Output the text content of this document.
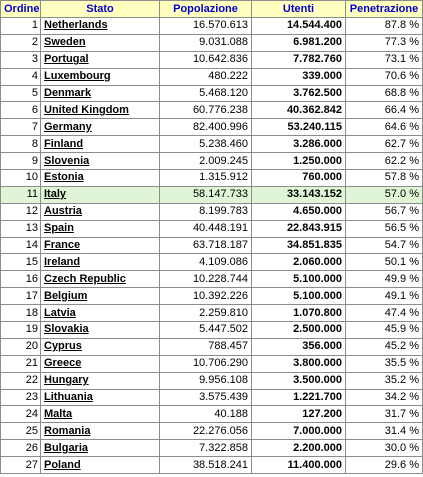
Ordine	Stato	Popolazione	Utenti	Penetrazione
1	Netherlands	16.570.613	14.544.400	87.8 %
2	Sweden	9.031.088	6.981.200	77.3 %
3	Portugal	10.642.836	7.782.760	73.1 %
4	Luxembourg	480.222	339.000	70.6 %
5	Denmark	5.468.120	3.762.500	68.8 %
6	United Kingdom	60.776.238	40.362.842	66.4 %
7	Germany	82.400.996	53.240.115	64.6 %
8	Finland	5.238.460	3.286.000	62.7 %
9	Slovenia	2.009.245	1.250.000	62.2 %
10	Estonia	1.315.912	760.000	57.8 %
11	Italy	58.147.733	33.143.152	57.0 %
12	Austria	8.199.783	4.650.000	56.7 %
13	Spain	40.448.191	22.843.915	56.5 %
14	France	63.718.187	34.851.835	54.7 %
15	Ireland	4.109.086	2.060.000	50.1 %
16	Czech Republic	10.228.744	5.100.000	49.9 %
17	Belgium	10.392.226	5.100.000	49.1 %
18	Latvia	2.259.810	1.070.800	47.4 %
19	Slovakia	5.447.502	2.500.000	45.9 %
20	Cyprus	788.457	356.000	45.2 %
21	Greece	10.706.290	3.800.000	35.5 %
22	Hungary	9.956.108	3.500.000	35.2 %
23	Lithuania	3.575.439	1.221.700	34.2 %
24	Malta	40.188	127.200	31.7 %
25	Romania	22.276.056	7.000.000	31.4 %
26	Bulgaria	7.322.858	2.200.000	30.0 %
27	Poland	38.518.241	11.400.000	29.6 %
